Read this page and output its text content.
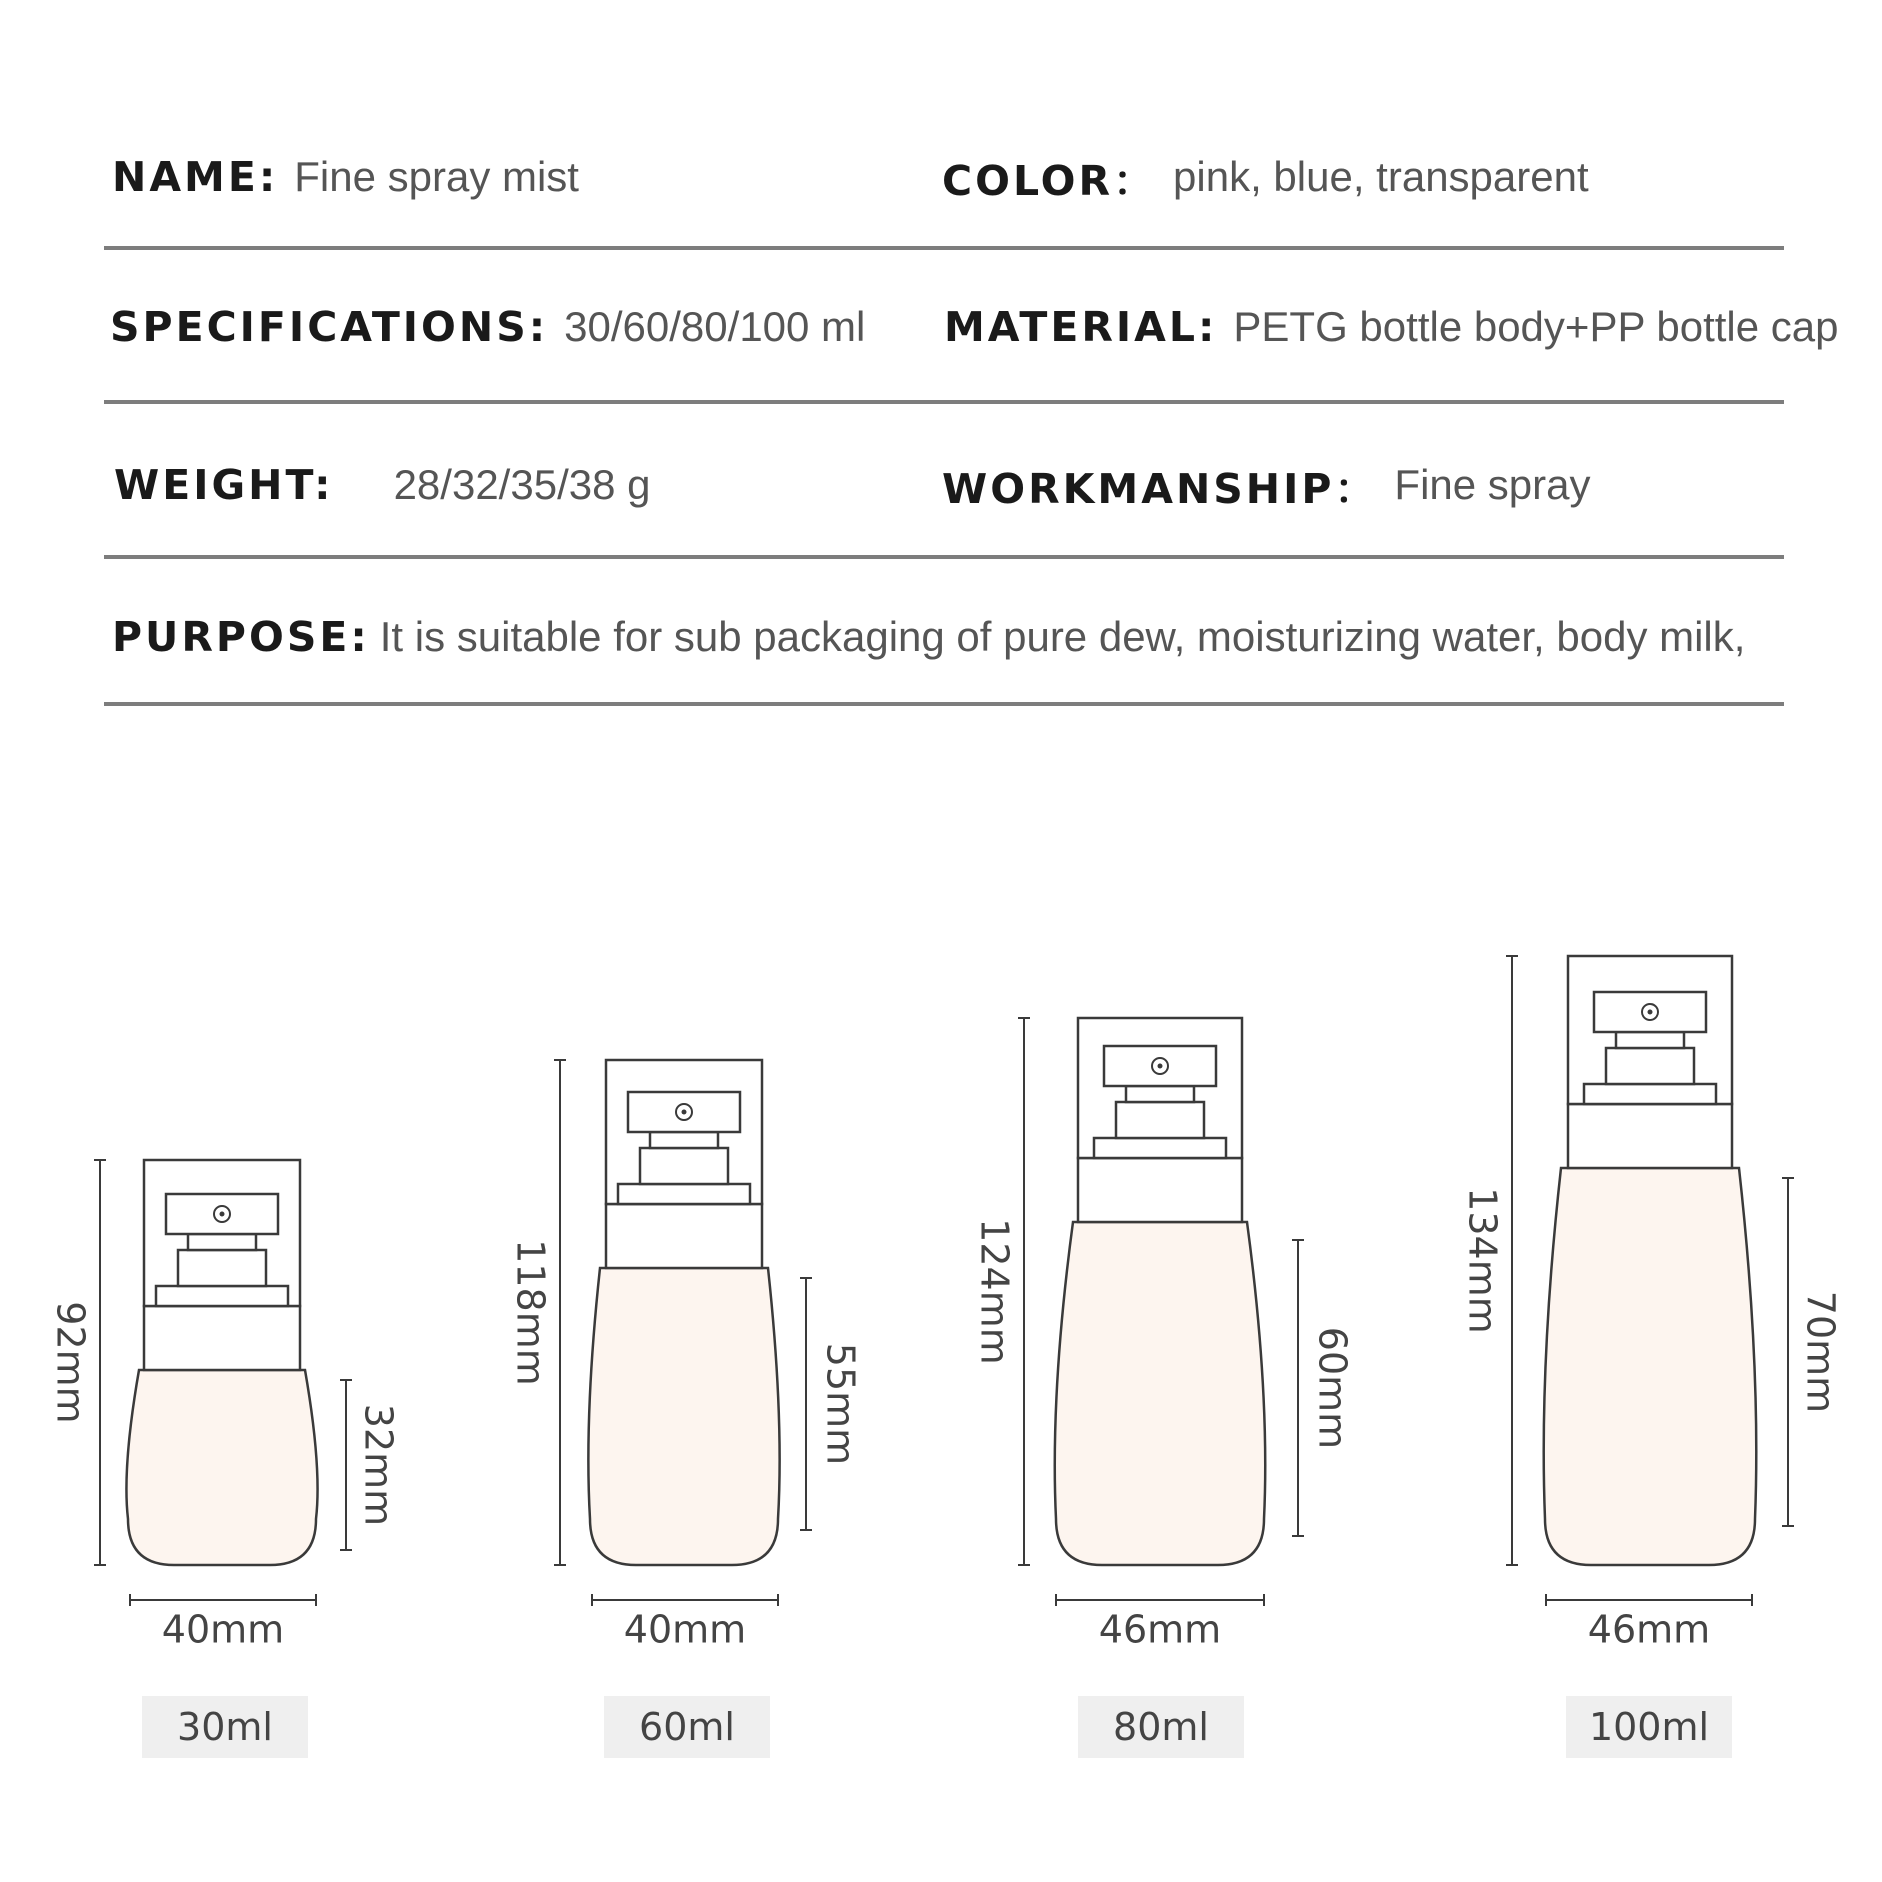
NAME: Fine spray mist	COLOR： pink, blue, transparent
SPECIFICATIONS: 30/60/80/100 ml MATERIAL: PETG bottle body+PP bottle cap
WEIGHT: 28/32/35/38 g	WORKMANSHIP： Fine spray
PURPOSE: It is suitable for sub packaging of pure dew, moisturizing water, body milk,
92mm
32mm
40mm
118mm
55mm
40mm
124mm
60mm
46mm
134mm
70mm
46mm
30ml	60ml	80ml	100ml
